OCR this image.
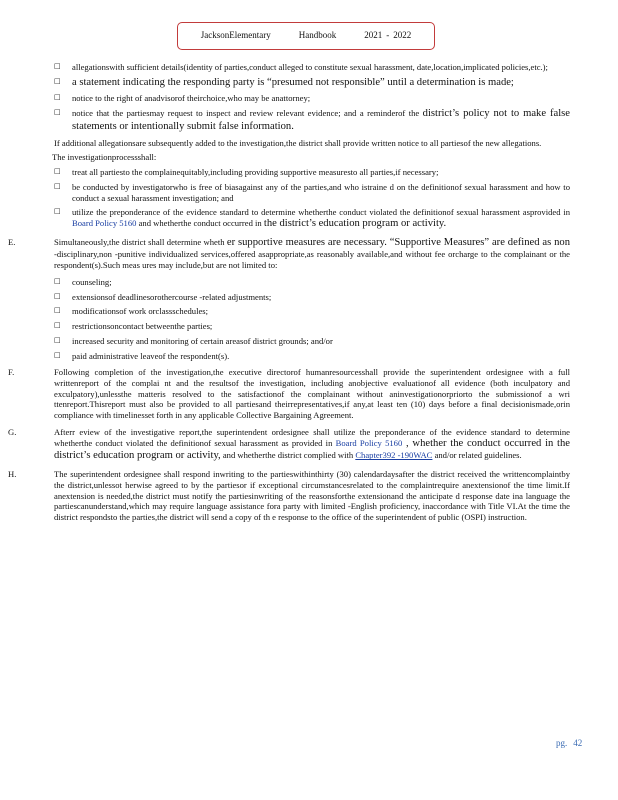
JacksonElementary	Handbook	2021 - 2022
□	allegationswith sufficient details(identity of parties,conduct alleged to constitute sexual harassment, date,location,implicated policies,etc.);
□	a statement indicating the responding party is “presumed not responsible” until a determination is made;
□	notice to the right of anadvisorof theirchoice,who may be anattorney;
□	notice that the partiesmay request to inspect and review relevant evidence; and a reminderof the district’s policy not to make false statements or intentionally submit false information.
If additional allegationsare subsequently added to the investigation,the district shall provide written notice to all partiesof the new allegations.
The investigationprocessshall:
□	treat all partiesto the complainequitably,including providing supportive measuresto all parties,if necessary;
□	be conducted by investigatorwho is free of biasagainst any of the parties,and who istraine d on the definitionof sexual harassment and how to conduct a sexual harassment investigation; and
□	utilize the preponderance of the evidence standard to determine whetherthe conduct violated the definitionof sexual harassment asprovided in Board Policy 5160 and whetherthe conduct occurred in the district’s education program or activity.
E.	Simultaneously,the district shall determine wheth er supportive measures are necessary. “Supportive Measures” are defined as non -disciplinary,non -punitive individualized services,offered asappropriate,as reasonably available,and without fee orcharge to the complainant or the respondent(s).Such meas ures may include,but are not limited to:
□	counseling;
□	extensionsof deadlinesorothercourse -related adjustments;
□	modificationsof work orclassschedules;
□	restrictionsoncontact betweenthe parties;
□	increased security and monitoring of certain areasof district grounds; and/or
□	paid administrative leaveof the respondent(s).
F.	Following completion of the investigation,the executive directorof humanresourcesshall provide the superintendent ordesignee with a full writtenreport of the complai nt and the resultsof the investigation, including anobjective evaluationof all evidence (both inculpatory and exculpatory),unlessthe matteris resolved to the satisfactionof the complainant without aninvestigationorpriorto the submissionof a wri ttenreport.Thisreport must also be provided to all partiesand theirrepresentatives,if any,at least ten (10) days before a final decisionismade,orin compliance with timelinesset forth in any applicable Collective Bargaining Agreement.
G.	Afterr eview of the investigative report,the superintendent ordesignee shall utilize the preponderance of the evidence standard to determine whetherthe conduct violated the definitionof sexual harassment as provided in Board Policy 5160 , whether the conduct occurred in the district’s education program or activity, and whetherthe district complied with Chapter392 -190WAC and/or related guidelines.
H.	The superintendent ordesignee shall respond inwriting to the partieswithinthirty (30) calendardaysafter the district received the writtencomplaintby the district,unlessot herwise agreed to by the partiesor if exceptional circumstancesrelated to the complaintrequire anextensionof the time limit.If anextension is needed,the district must notify the partiesinwriting of the reasonsforthe extensionand the anticipate d response date ina language the partiescanunderstand,which may require language assistance fora party with limited -English proficiency, inaccordance with Title VI.At the time the district respondsto the parties,the district will send a copy of th e response to the office of the superintendent of public (OSPI) instruction.
pg. 42
